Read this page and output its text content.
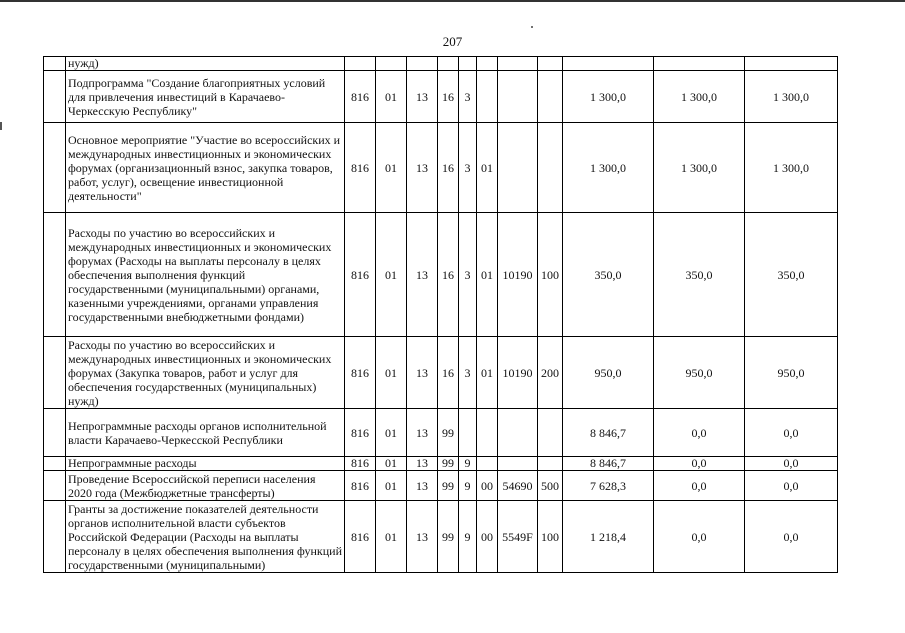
207
	нужд)											
	Подпрограмма "Создание благоприятных условий для привлечения инвестиций в Карачаево-Черкесскую Республику"	816	01	13	16	3				1 300,0	1 300,0	1 300,0
	Основное мероприятие "Участие во всероссийских и международных инвестиционных и экономических форумах (организационный взнос, закупка товаров, работ, услуг), освещение инвестиционной деятельности"	816	01	13	16	3	01			1 300,0	1 300,0	1 300,0
	Расходы по участию во всероссийских и международных инвестиционных и экономических форумах (Расходы на выплаты персоналу в целях обеспечения выполнения функций государственными (муниципальными) органами, казенными учреждениями, органами управления государственными внебюджетными фондами)	816	01	13	16	3	01	10190	100	350,0	350,0	350,0
	Расходы по участию во всероссийских и международных инвестиционных и экономических форумах (Закупка товаров, работ и услуг для обеспечения государственных (муниципальных) нужд)	816	01	13	16	3	01	10190	200	950,0	950,0	950,0
	Непрограммные расходы органов исполнительной власти Карачаево-Черкесской Республики	816	01	13	99					8 846,7	0,0	0,0
	Непрограммные расходы	816	01	13	99	9				8 846,7	0,0	0,0
	Проведение Всероссийской переписи населения 2020 года (Межбюджетные трансферты)	816	01	13	99	9	00	54690	500	7 628,3	0,0	0,0
	Гранты за достижение показателей деятельности органов исполнительной власти субъектов Российской Федерации (Расходы на выплаты персоналу в целях обеспечения выполнения функций государственными (муниципальными)	816	01	13	99	9	00	5549F	100	1 218,4	0,0	0,0
